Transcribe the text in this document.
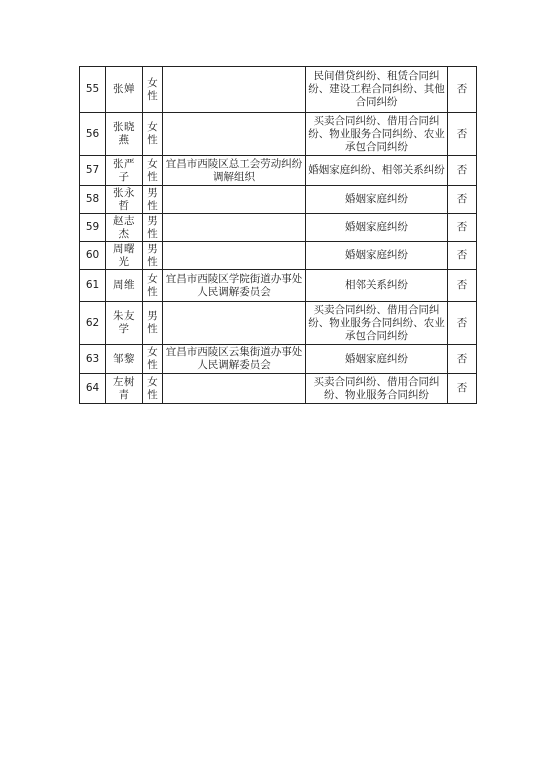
55	张婵	女性		民间借贷纠纷、租赁合同纠纷、建设工程合同纠纷、其他合同纠纷	否
56	张晓燕	女性		买卖合同纠纷、借用合同纠纷、物业服务合同纠纷、农业承包合同纠纷	否
57	张严子	女性	宜昌市西陵区总工会劳动纠纷调解组织	婚姻家庭纠纷、相邻关系纠纷	否
58	张永哲	男性		婚姻家庭纠纷	否
59	赵志杰	男性		婚姻家庭纠纷	否
60	周曙光	男性		婚姻家庭纠纷	否
61	周维	女性	宜昌市西陵区学院街道办事处人民调解委员会	相邻关系纠纷	否
62	朱友学	男性		买卖合同纠纷、借用合同纠纷、物业服务合同纠纷、农业承包合同纠纷	否
63	邹黎	女性	宜昌市西陵区云集街道办事处人民调解委员会	婚姻家庭纠纷	否
64	左树青	女性		买卖合同纠纷、借用合同纠纷、物业服务合同纠纷	否
